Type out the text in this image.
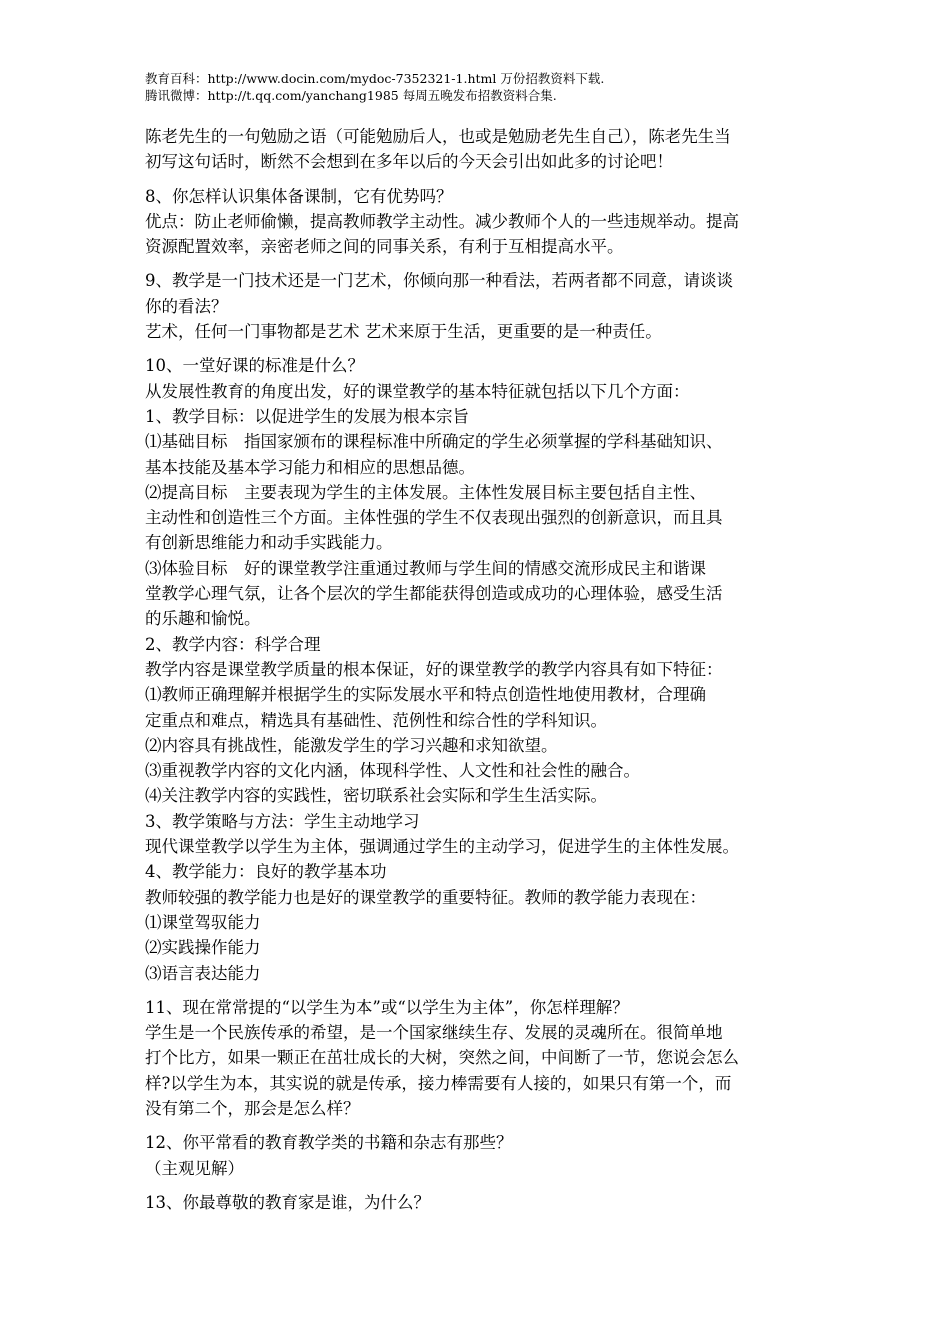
教育百科：http://www.docin.com/mydoc-7352321-1.html 万份招教资料下载.
腾讯微博：http://t.qq.com/yanchang1985 每周五晚发布招教资料合集.
陈老先生的一句勉励之语（可能勉励后人，也或是勉励老先生自己），陈老先生当
初写这句话时，断然不会想到在多年以后的今天会引出如此多的讨论吧！
8、你怎样认识集体备课制，它有优势吗？
优点：防止老师偷懒，提高教师教学主动性。减少教师个人的一些违规举动。提高
资源配置效率，亲密老师之间的同事关系，有利于互相提高水平。
9、教学是一门技术还是一门艺术，你倾向那一种看法，若两者都不同意，请谈谈
你的看法？
艺术，任何一门事物都是艺术 艺术来原于生活，更重要的是一种责任。
10、一堂好课的标准是什么？
从发展性教育的角度出发，好的课堂教学的基本特征就包括以下几个方面：
1、教学目标：以促进学生的发展为根本宗旨
⑴基础目标　指国家颁布的课程标准中所确定的学生必须掌握的学科基础知识、
基本技能及基本学习能力和相应的思想品德。
⑵提高目标　主要表现为学生的主体发展。主体性发展目标主要包括自主性、
主动性和创造性三个方面。主体性强的学生不仅表现出强烈的创新意识，而且具
有创新思维能力和动手实践能力。
⑶体验目标　好的课堂教学注重通过教师与学生间的情感交流形成民主和谐课
堂教学心理气氛，让各个层次的学生都能获得创造或成功的心理体验，感受生活
的乐趣和愉悦。
2、教学内容：科学合理
教学内容是课堂教学质量的根本保证，好的课堂教学的教学内容具有如下特征：
⑴教师正确理解并根据学生的实际发展水平和特点创造性地使用教材，合理确
定重点和难点，精选具有基础性、范例性和综合性的学科知识。
⑵内容具有挑战性，能激发学生的学习兴趣和求知欲望。
⑶重视教学内容的文化内涵，体现科学性、人文性和社会性的融合。
⑷关注教学内容的实践性，密切联系社会实际和学生生活实际。
3、教学策略与方法：学生主动地学习
现代课堂教学以学生为主体，强调通过学生的主动学习，促进学生的主体性发展。
4、教学能力：良好的教学基本功
教师较强的教学能力也是好的课堂教学的重要特征。教师的教学能力表现在：
⑴课堂驾驭能力
⑵实践操作能力
⑶语言表达能力
11、现在常常提的“以学生为本”或“以学生为主体”，你怎样理解？
学生是一个民族传承的希望，是一个国家继续生存、发展的灵魂所在。很简单地
打个比方，如果一颗正在茁壮成长的大树，突然之间，中间断了一节，您说会怎么
样?以学生为本，其实说的就是传承，接力棒需要有人接的，如果只有第一个，而
没有第二个，那会是怎么样？
12、你平常看的教育教学类的书籍和杂志有那些？
（主观见解）
13、你最尊敬的教育家是谁，为什么？
